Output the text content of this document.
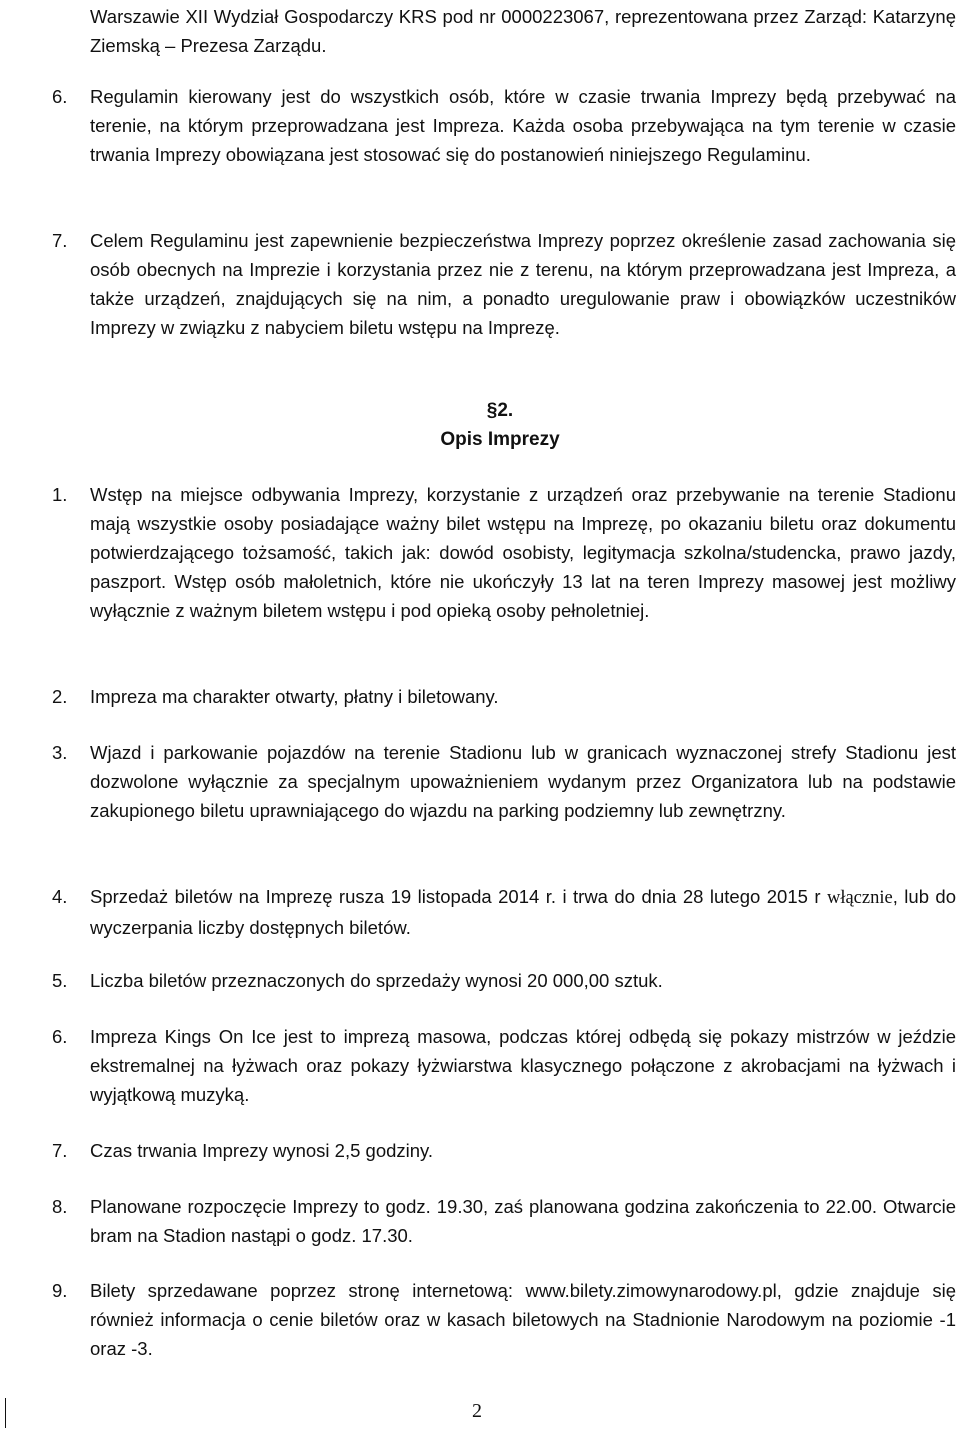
Warszawie XII Wydział Gospodarczy KRS pod nr 0000223067, reprezentowana przez Zarząd: Katarzynę Ziemską – Prezesa Zarządu.

6.	Regulamin kierowany jest do wszystkich osób, które w czasie trwania Imprezy będą przebywać na terenie, na którym przeprowadzana jest Impreza. Każda osoba przebywająca na tym terenie w czasie trwania Imprezy obowiązana jest stosować się do postanowień niniejszego Regulaminu.
7.	Celem Regulaminu jest zapewnienie bezpieczeństwa Imprezy poprzez określenie zasad zachowania się osób obecnych na Imprezie i korzystania przez nie z terenu, na którym przeprowadzana jest Impreza, a także urządzeń, znajdujących się na nim, a ponadto uregulowanie praw i obowiązków uczestników Imprezy w związku z nabyciem biletu wstępu na Imprezę.

§2.

Opis Imprezy

1.	Wstęp na miejsce odbywania Imprezy, korzystanie z urządzeń oraz przebywanie na terenie Stadionu mają wszystkie osoby posiadające ważny bilet wstępu na Imprezę, po okazaniu biletu oraz dokumentu potwierdzającego tożsamość, takich jak: dowód osobisty, legitymacja szkolna/studencka, prawo jazdy, paszport. Wstęp osób małoletnich, które nie ukończyły 13 lat na teren Imprezy masowej jest możliwy wyłącznie z ważnym biletem wstępu i pod opieką osoby pełnoletniej.
2.	Impreza ma charakter otwarty, płatny i biletowany.
3.	Wjazd i parkowanie pojazdów na terenie Stadionu lub w granicach wyznaczonej strefy Stadionu jest dozwolone wyłącznie za specjalnym upoważnieniem wydanym przez Organizatora lub na podstawie zakupionego biletu uprawniającego do wjazdu na parking podziemny lub zewnętrzny.
4.	Sprzedaż biletów na Imprezę rusza 19 listopada 2014 r. i trwa do dnia 28 lutego 2015 r włącznie, lub do wyczerpania liczby dostępnych biletów.
5.	Liczba biletów przeznaczonych do sprzedaży wynosi 20 000,00 sztuk.
6.	Impreza Kings On Ice jest to imprezą masowa, podczas której odbędą się pokazy mistrzów w jeździe ekstremalnej na łyżwach oraz pokazy łyżwiarstwa klasycznego połączone z akrobacjami na łyżwach i wyjątkową muzyką.
7.	Czas trwania Imprezy wynosi 2,5 godziny.
8.	Planowane rozpoczęcie Imprezy to godz. 19.30, zaś planowana godzina zakończenia to 22.00. Otwarcie bram na Stadion nastąpi o godz. 17.30.
9.	Bilety sprzedawane poprzez stronę internetową: www.bilety.zimowynarodowy.pl, gdzie znajduje się również informacja o cenie biletów oraz w kasach biletowych na Stadnionie Narodowym na poziomie -1 oraz -3.
2
